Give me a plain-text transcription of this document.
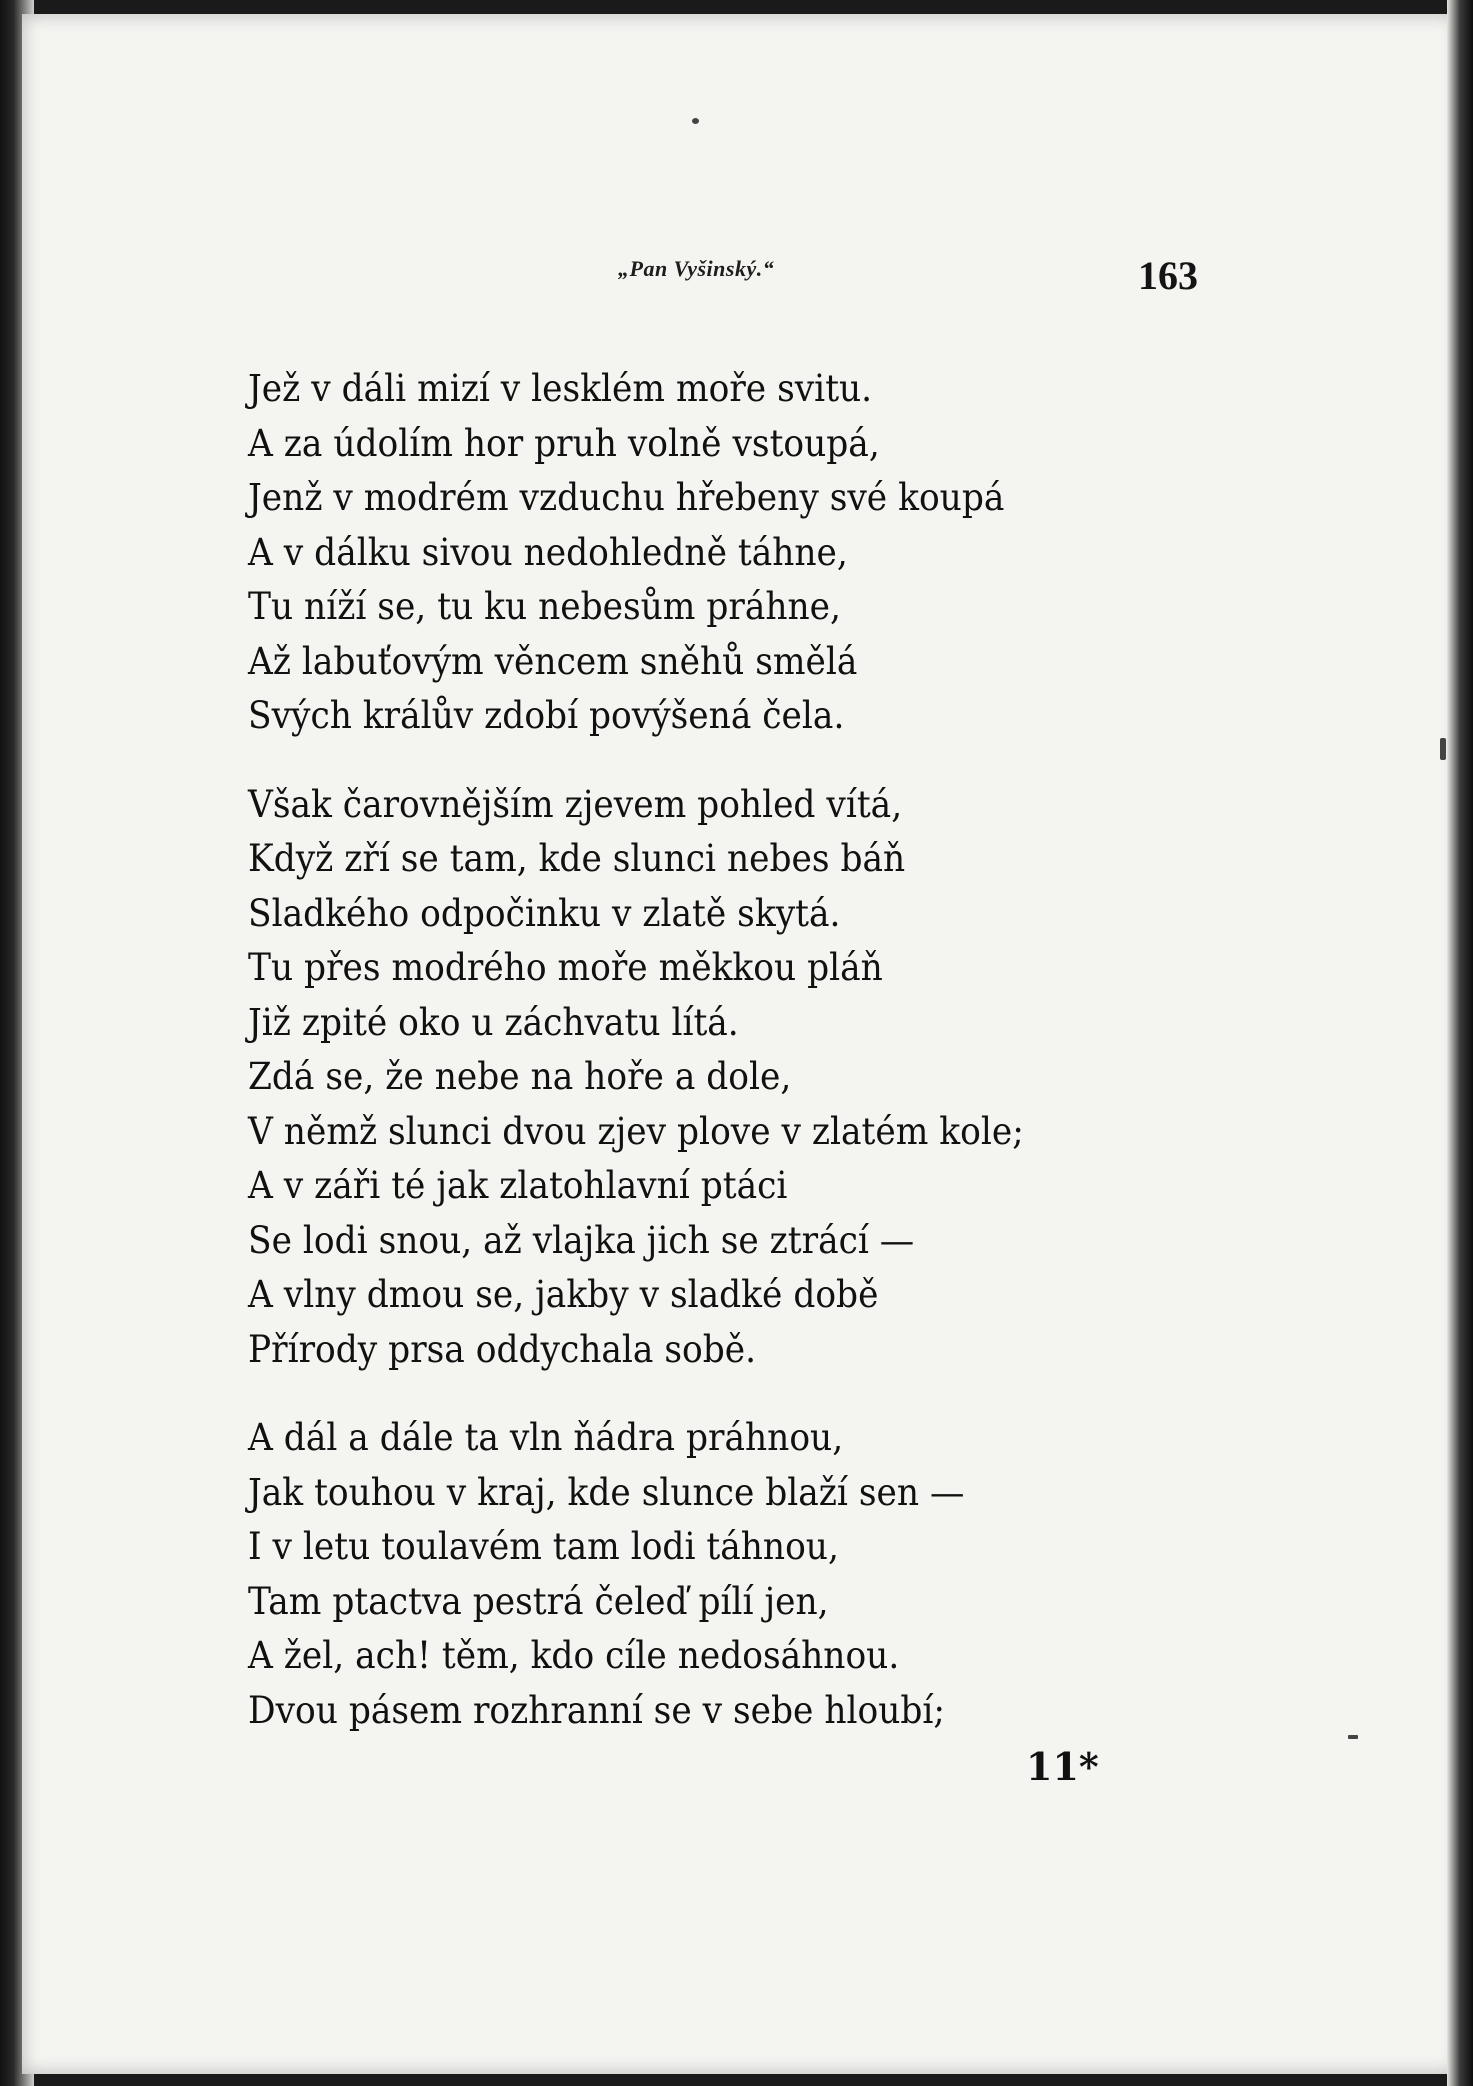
„Pan Vyšinský.“	163
Jež v dáli mizí v lesklém moře svitu.
A za údolím hor pruh volně vstoupá,
Jenž v modrém vzduchu hřebeny své koupá
A v dálku sivou nedohledně táhne,
Tu níží se, tu ku nebesům práhne,
Až labuťovým věncem sněhů smělá
Svých králův zdobí povýšená čela.
Však čarovnějším zjevem pohled vítá,
Když zří se tam, kde slunci nebes báň
Sladkého odpočinku v zlatě skytá.
Tu přes modrého moře měkkou pláň
Již zpité oko u záchvatu lítá.
Zdá se, že nebe na hoře a dole,
V němž slunci dvou zjev plove v zlatém kole;
A v záři té jak zlatohlavní ptáci
Se lodi snou, až vlajka jich se ztrácí —
A vlny dmou se, jakby v sladké době
Přírody prsa oddychala sobě.
A dál a dále ta vln ňádra práhnou,
Jak touhou v kraj, kde slunce blaží sen —
I v letu toulavém tam lodi táhnou,
Tam ptactva pestrá čeleď pílí jen,
A žel, ach! těm, kdo cíle nedosáhnou.
Dvou pásem rozhranní se v sebe hloubí;
11*
